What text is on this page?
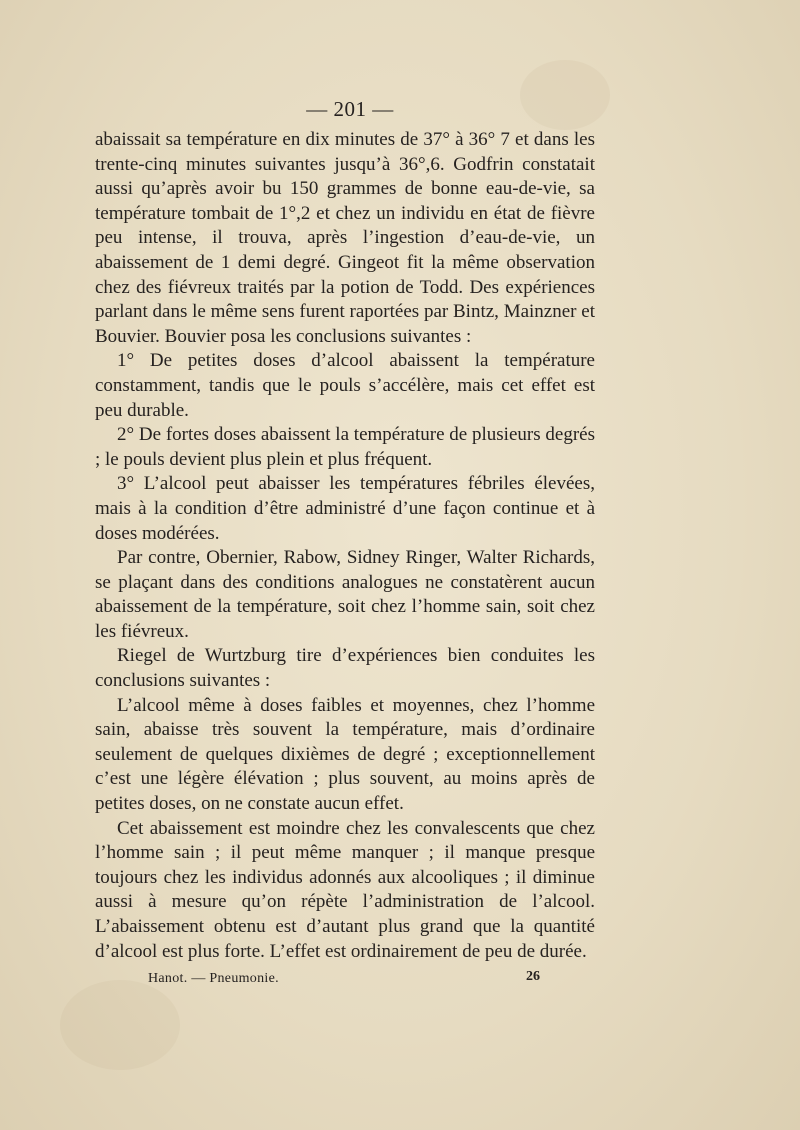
— 201 —

abaissait sa température en dix minutes de 37° à 36° 7 et dans les trente-cinq minutes suivantes jusqu’à 36°,6. Godfrin constatait aussi qu’après avoir bu 150 grammes de bonne eau-de-vie, sa température tombait de 1°,2 et chez un individu en état de fièvre peu intense, il trouva, après l’ingestion d’eau-de-vie, un abaissement de 1 demi degré. Gingeot fit la même observation chez des fiévreux traités par la potion de Todd. Des expériences parlant dans le même sens furent raportées par Bintz, Mainzner et Bouvier. Bouvier posa les conclusions suivantes :

1° De petites doses d’alcool abaissent la température constamment, tandis que le pouls s’accélère, mais cet effet est peu durable.

2° De fortes doses abaissent la température de plusieurs degrés ; le pouls devient plus plein et plus fréquent.

3° L’alcool peut abaisser les températures fébriles élevées, mais à la condition d’être administré d’une façon continue et à doses modérées.

Par contre, Obernier, Rabow, Sidney Ringer, Walter Richards, se plaçant dans des conditions analogues ne constatèrent aucun abaissement de la température, soit chez l’homme sain, soit chez les fiévreux.

Riegel de Wurtzburg tire d’expériences bien conduites les conclusions suivantes :

L’alcool même à doses faibles et moyennes, chez l’homme sain, abaisse très souvent la température, mais d’ordinaire seulement de quelques dixièmes de degré ; exceptionnellement c’est une légère élévation ; plus souvent, au moins après de petites doses, on ne constate aucun effet.

Cet abaissement est moindre chez les convalescents que chez l’homme sain ; il peut même manquer ; il manque presque toujours chez les individus adonnés aux alcooliques ; il diminue aussi à mesure qu’on répète l’administration de l’alcool. L’abaissement obtenu est d’autant plus grand que la quantité d’alcool est plus forte. L’effet est ordinairement de peu de durée.

Hanot. — Pneumonie.	26
